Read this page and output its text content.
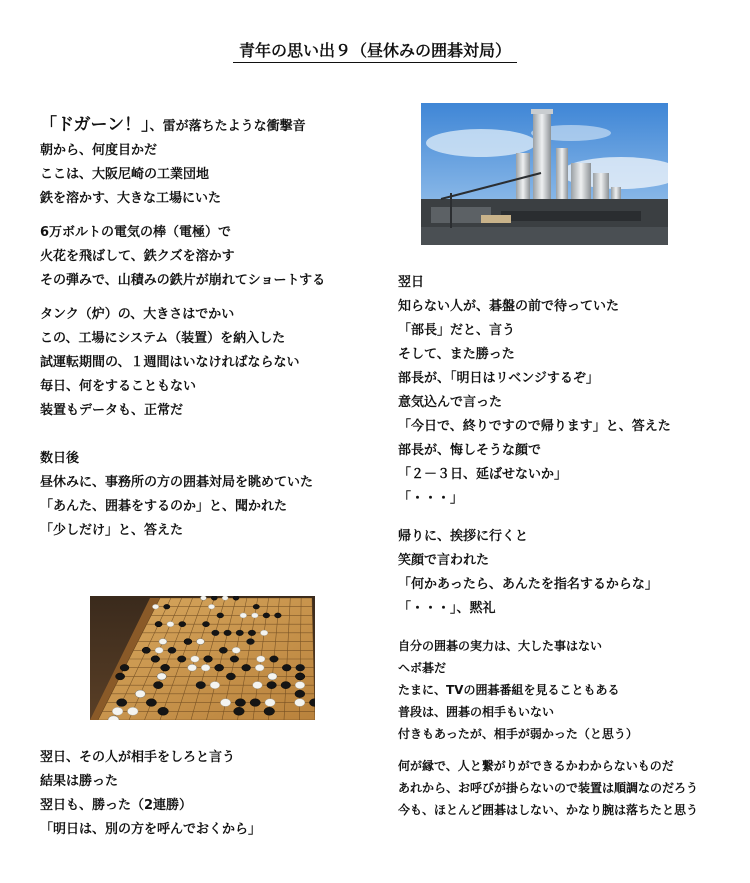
青年の思い出９（昼休みの囲碁対局）
「ドガーン！」、雷が落ちたような衝撃音
朝から、何度目かだ
ここは、大阪尼崎の工業団地
鉄を溶かす、大きな工場にいた
6万ボルトの電気の棒（電極）で
火花を飛ばして、鉄クズを溶かす
その弾みで、山積みの鉄片が崩れてショートする
タンク（炉）の、大きさはでかい
この、工場にシステム（装置）を納入した
試運転期間の、１週間はいなければならない
毎日、何をすることもない
装置もデータも、正常だ
数日後
昼休みに、事務所の方の囲碁対局を眺めていた
「あんた、囲碁をするのか」と、聞かれた
「少しだけ」と、答えた
翌日、その人が相手をしろと言う
結果は勝った
翌日も、勝った（2連勝）
「明日は、別の方を呼んでおくから」
翌日
知らない人が、碁盤の前で待っていた
「部長」だと、言う
そして、また勝った
部長が、「明日はリベンジするぞ」
意気込んで言った
「今日で、終りですので帰ります」と、答えた
部長が、悔しそうな顔で
「２－３日、延ばせないか」
「・・・」
帰りに、挨拶に行くと
笑顔で言われた
「何かあったら、あんたを指名するからな」
「・・・」、黙礼
自分の囲碁の実力は、大した事はない
ヘボ碁だ
たまに、TVの囲碁番組を見ることもある
普段は、囲碁の相手もいない
付きもあったが、相手が弱かった（と思う）
何が縁で、人と繋がりができるかわからないものだ
あれから、お呼びが掛らないので装置は順調なのだろう
今も、ほとんど囲碁はしない、かなり腕は落ちたと思う
